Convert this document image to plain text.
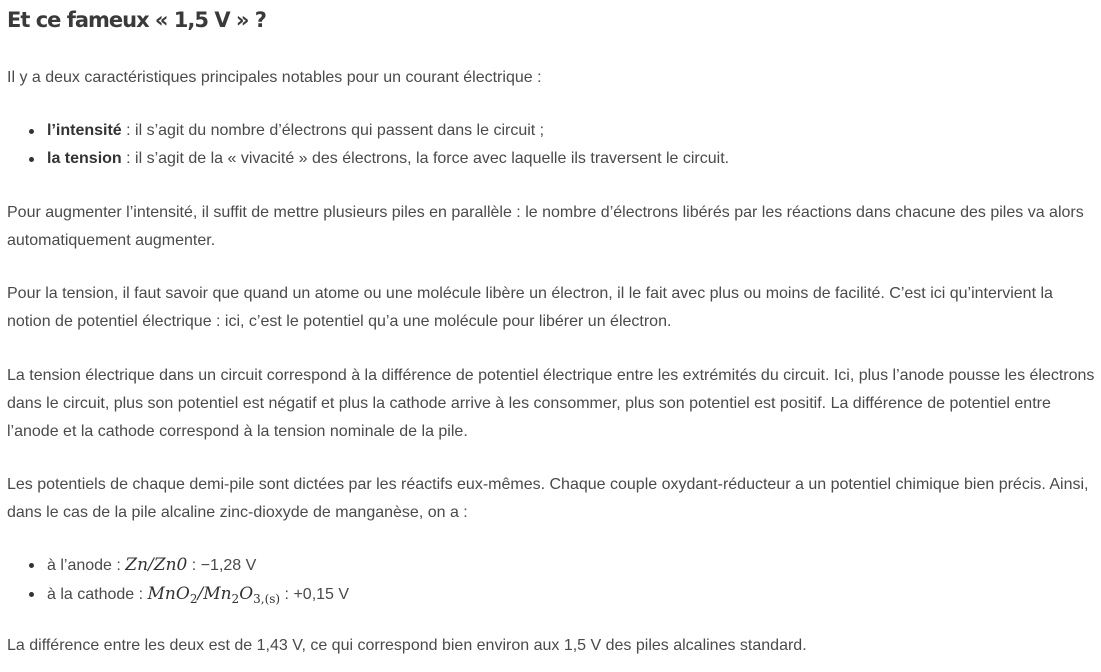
Et ce fameux « 1,5 V » ?

Il y a deux caractéristiques principales notables pour un courant électrique :

l’intensité : il s’agit du nombre d’électrons qui passent dans le circuit ;
la tension : il s’agit de la « vivacité » des électrons, la force avec laquelle ils traversent le circuit.

Pour augmenter l’intensité, il suffit de mettre plusieurs piles en parallèle : le nombre d’électrons libérés par les réactions dans chacune des piles va alors automatiquement augmenter.

Pour la tension, il faut savoir que quand un atome ou une molécule libère un électron, il le fait avec plus ou moins de facilité. C’est ici qu’intervient la notion de potentiel électrique : ici, c’est le potentiel qu’a une molécule pour libérer un électron.

La tension électrique dans un circuit correspond à la différence de potentiel électrique entre les extrémités du circuit. Ici, plus l’anode pousse les électrons dans le circuit, plus son potentiel est négatif et plus la cathode arrive à les consommer, plus son potentiel est positif. La différence de potentiel entre l’anode et la cathode correspond à la tension nominale de la pile.

Les potentiels de chaque demi-pile sont dictées par les réactifs eux-mêmes. Chaque couple oxydant-réducteur a un potentiel chimique bien précis. Ainsi, dans le cas de la pile alcaline zinc-dioxyde de manganèse, on a :

à l’anode : Zn/Zn0 : −1,28 V
à la cathode : $MnO_2/Mn_2O_{3,(s)}$ : +0,15 V

La différence entre les deux est de 1,43 V, ce qui correspond bien environ aux 1,5 V des piles alcalines standard.
